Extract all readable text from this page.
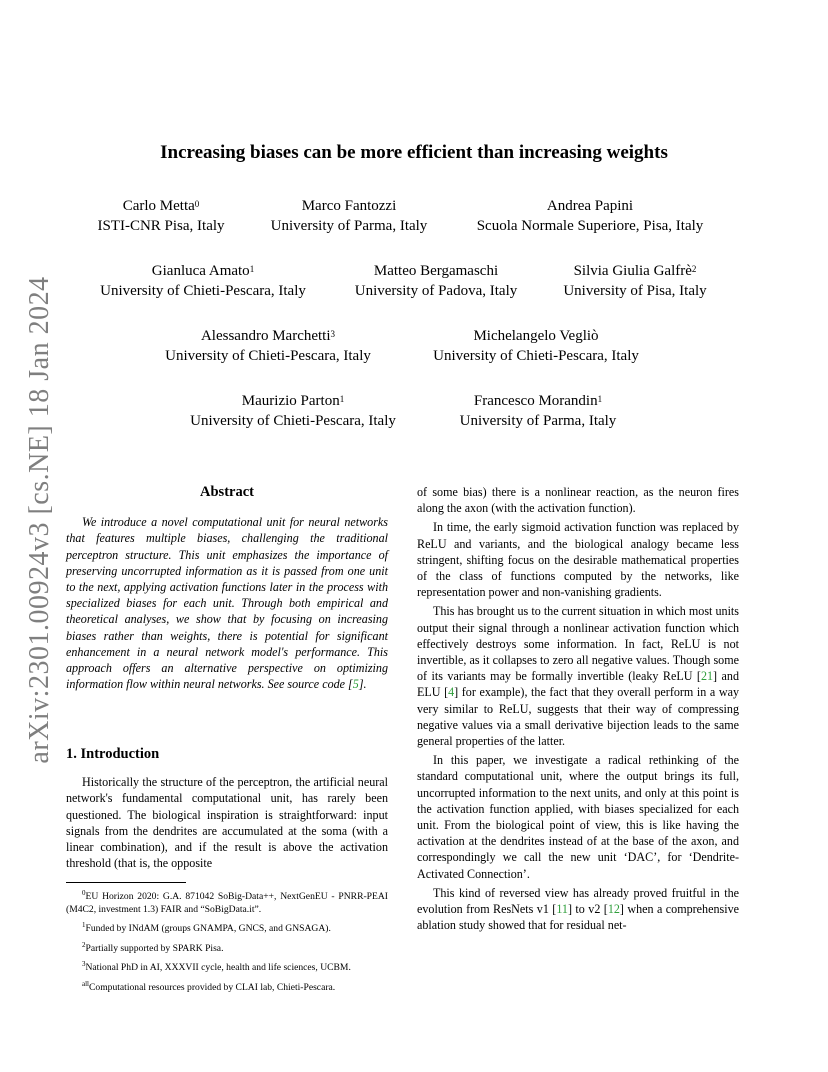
arXiv:2301.00924v3 [cs.NE] 18 Jan 2024
Increasing biases can be more efficient than increasing weights
Carlo Metta$^0$
ISTI-CNR Pisa, Italy
Marco Fantozzi
University of Parma, Italy
Andrea Papini
Scuola Normale Superiore, Pisa, Italy
Gianluca Amato$^1$
University of Chieti-Pescara, Italy
Matteo Bergamaschi
University of Padova, Italy
Silvia Giulia Galfrè$^2$
University of Pisa, Italy
Alessandro Marchetti$^3$
University of Chieti-Pescara, Italy
Michelangelo Vegliò
University of Chieti-Pescara, Italy
Maurizio Parton$^1$
University of Chieti-Pescara, Italy
Francesco Morandin$^1$
University of Parma, Italy
Abstract

We introduce a novel computational unit for neural networks that features multiple biases, challenging the traditional perceptron structure. This unit emphasizes the importance of preserving uncorrupted information as it is passed from one unit to the next, applying activation functions later in the process with specialized biases for each unit. Through both empirical and theoretical analyses, we show that by focusing on increasing biases rather than weights, there is potential for significant enhancement in a neural network model's performance. This approach offers an alternative perspective on optimizing information flow within neural networks. See source code [5].

1. Introduction

Historically the structure of the perceptron, the artificial neural network's fundamental computational unit, has rarely been questioned. The biological inspiration is straightforward: input signals from the dendrites are accumulated at the soma (with a linear combination), and if the result is above the activation threshold (that is, the opposite

$^0$EU Horizon 2020: G.A. 871042 SoBig-Data++, NextGenEU - PNRR-PEAI (M4C2, investment 1.3) FAIR and “SoBigData.it”.

$^1$Funded by INdAM (groups GNAMPA, GNCS, and GNSAGA).

$^2$Partially supported by SPARK Pisa.

$^3$National PhD in AI, XXXVII cycle, health and life sciences, UCBM.

$^{all}$Computational resources provided by CLAI lab, Chieti-Pescara.

of some bias) there is a nonlinear reaction, as the neuron fires along the axon (with the activation function).

In time, the early sigmoid activation function was replaced by ReLU and variants, and the biological analogy became less stringent, shifting focus on the desirable mathematical properties of the class of functions computed by the networks, like representation power and non-vanishing gradients.

This has brought us to the current situation in which most units output their signal through a nonlinear activation function which effectively destroys some information. In fact, ReLU is not invertible, as it collapses to zero all negative values. Though some of its variants may be formally invertible (leaky ReLU [21] and ELU [4] for example), the fact that they overall perform in a way very similar to ReLU, suggests that their way of compressing negative values via a small derivative bijection leads to the same general properties of the latter.

In this paper, we investigate a radical rethinking of the standard computational unit, where the output brings its full, uncorrupted information to the next units, and only at this point is the activation function applied, with biases specialized for each unit. From the biological point of view, this is like having the activation at the dendrites instead of at the base of the axon, and correspondingly we call the new unit ‘DAC’, for ‘Dendrite-Activated Connection’.

This kind of reversed view has already proved fruitful in the evolution from ResNets v1 [11] to v2 [12] when a comprehensive ablation study showed that for residual net-
